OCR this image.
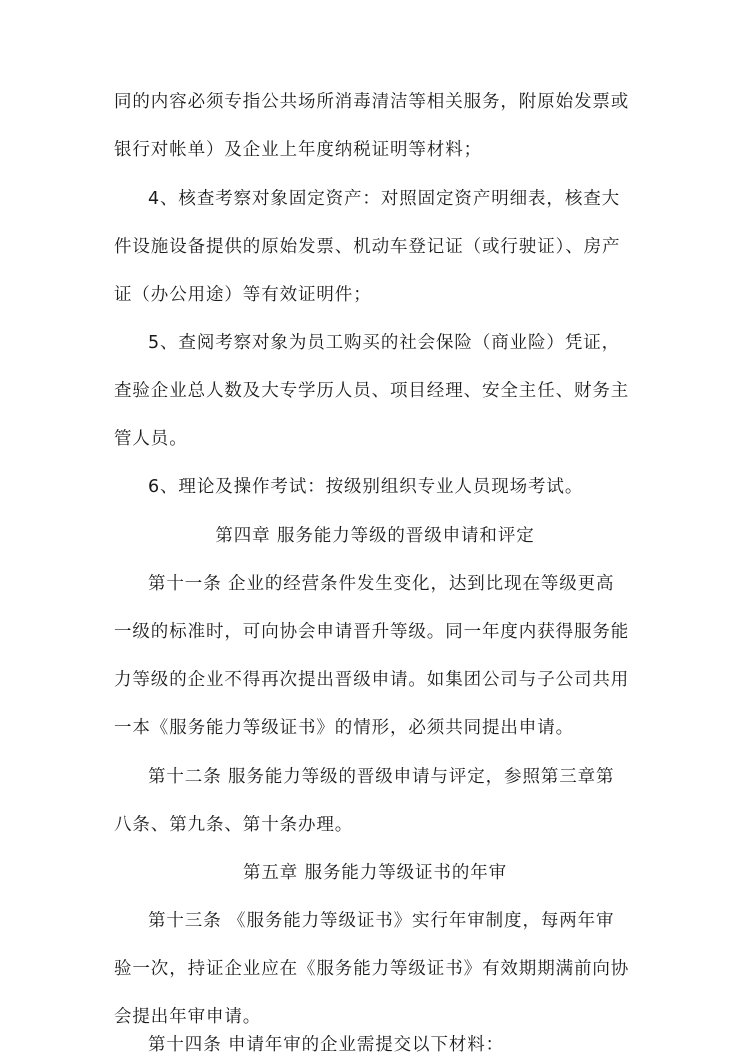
同的内容必须专指公共场所消毒清洁等相关服务，附原始发票或
银行对帐单）及企业上年度纳税证明等材料；
4、核查考察对象固定资产：对照固定资产明细表，核查大
件设施设备提供的原始发票、机动车登记证（或行驶证）、房产
证（办公用途）等有效证明件；
5、查阅考察对象为员工购买的社会保险（商业险）凭证，
查验企业总人数及大专学历人员、项目经理、安全主任、财务主
管人员。
6、理论及操作考试：按级别组织专业人员现场考试。
第四章 服务能力等级的晋级申请和评定
第十一条 企业的经营条件发生变化，达到比现在等级更高
一级的标准时，可向协会申请晋升等级。同一年度内获得服务能
力等级的企业不得再次提出晋级申请。如集团公司与子公司共用
一本《服务能力等级证书》的情形，必须共同提出申请。
第十二条 服务能力等级的晋级申请与评定，参照第三章第
八条、第九条、第十条办理。
第五章 服务能力等级证书的年审
第十三条 《服务能力等级证书》实行年审制度，每两年审
验一次，持证企业应在《服务能力等级证书》有效期期满前向协
会提出年审申请。
第十四条 申请年审的企业需提交以下材料：
